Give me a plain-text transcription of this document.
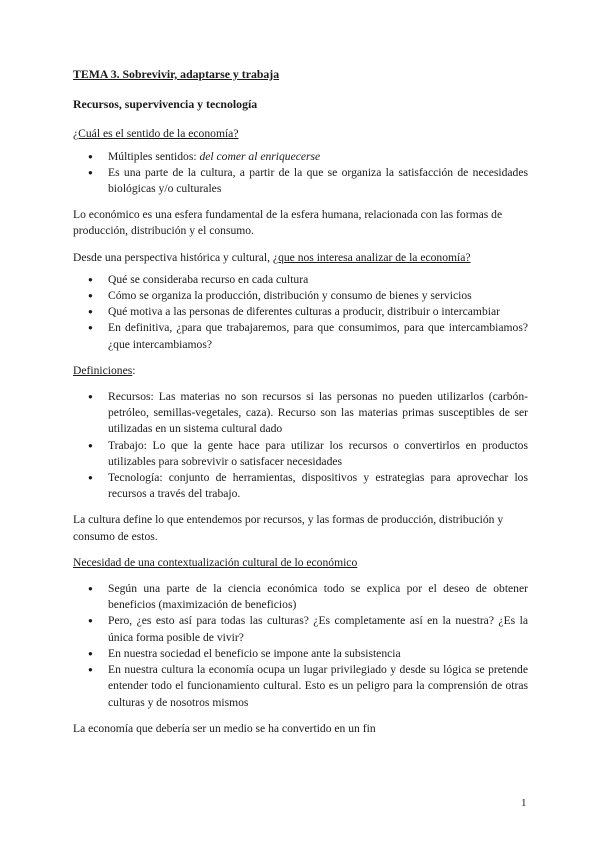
TEMA 3. Sobrevivir, adaptarse y trabaja
Recursos, supervivencia y tecnología
¿Cuál es el sentido de la economía?
● Múltiples sentidos: del comer al enriquecerse
● Es una parte de la cultura, a partir de la que se organiza la satisfacción de necesidades biológicas y/o culturales

Lo económico es una esfera fundamental de la esfera humana, relacionada con las formas de producción, distribución y el consumo.

Desde una perspectiva histórica y cultural, ¿que nos interesa analizar de la economía?

● Qué se consideraba recurso en cada cultura
● Cómo se organiza la producción, distribución y consumo de bienes y servicios
● Qué motiva a las personas de diferentes culturas a producir, distribuir o intercambiar
● En definitiva, ¿para que trabajaremos, para que consumimos, para que intercambiamos? ¿que intercambiamos?
Definiciones:
● Recursos: Las materias no son recursos si las personas no pueden utilizarlos (carbón-petróleo, semillas-vegetales, caza). Recurso son las materias primas susceptibles de ser utilizadas en un sistema cultural dado
● Trabajo: Lo que la gente hace para utilizar los recursos o convertirlos en productos utilizables para sobrevivir o satisfacer necesidades
● Tecnología: conjunto de herramientas, dispositivos y estrategias para aprovechar los recursos a través del trabajo.

La cultura define lo que entendemos por recursos, y las formas de producción, distribución y consumo de estos.

Necesidad de una contextualización cultural de lo económico
● Según una parte de la ciencia económica todo se explica por el deseo de obtener beneficios (maximización de beneficios)
● Pero, ¿es esto así para todas las culturas? ¿Es completamente así en la nuestra? ¿Es la única forma posible de vivir?
● En nuestra sociedad el beneficio se impone ante la subsistencia
● En nuestra cultura la economía ocupa un lugar privilegiado y desde su lógica se pretende entender todo el funcionamiento cultural. Esto es un peligro para la comprensión de otras culturas y de nosotros mismos

La economía que debería ser un medio se ha convertido en un fin

1
